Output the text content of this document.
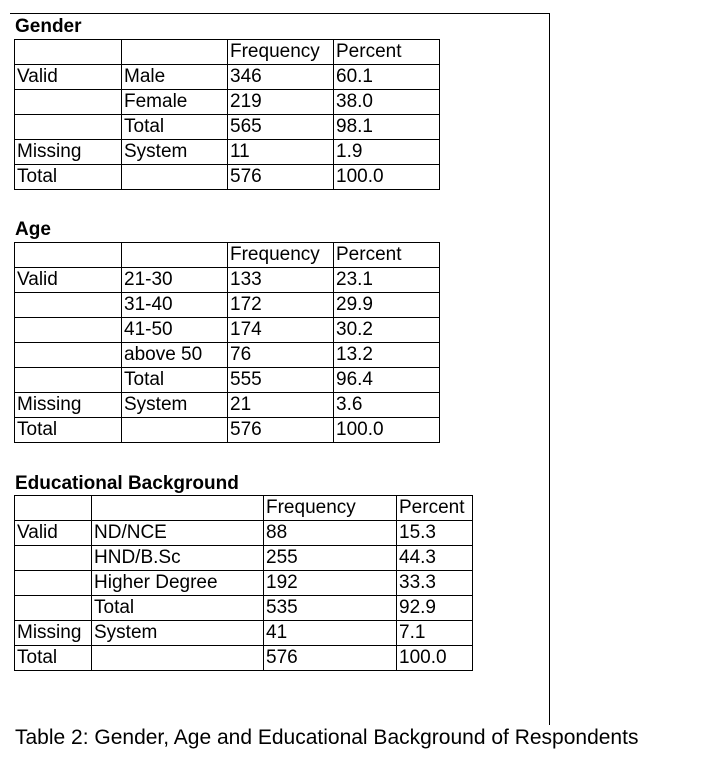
Gender
		Frequency	Percent
Valid	Male	346	60.1
	Female	219	38.0
	Total	565	98.1
Missing	System	11	1.9
Total		576	100.0
Age
		Frequency	Percent
Valid	21-30	133	23.1
	31-40	172	29.9
	41-50	174	30.2
	above 50	76	13.2
	Total	555	96.4
Missing	System	21	3.6
Total		576	100.0
Educational Background
		Frequency	Percent
Valid	ND/NCE	88	15.3
	HND/B.Sc	255	44.3
	Higher Degree	192	33.3
	Total	535	92.9
Missing	System	41	7.1
Total		576	100.0
Table 2: Gender, Age and Educational Background of Respondents
